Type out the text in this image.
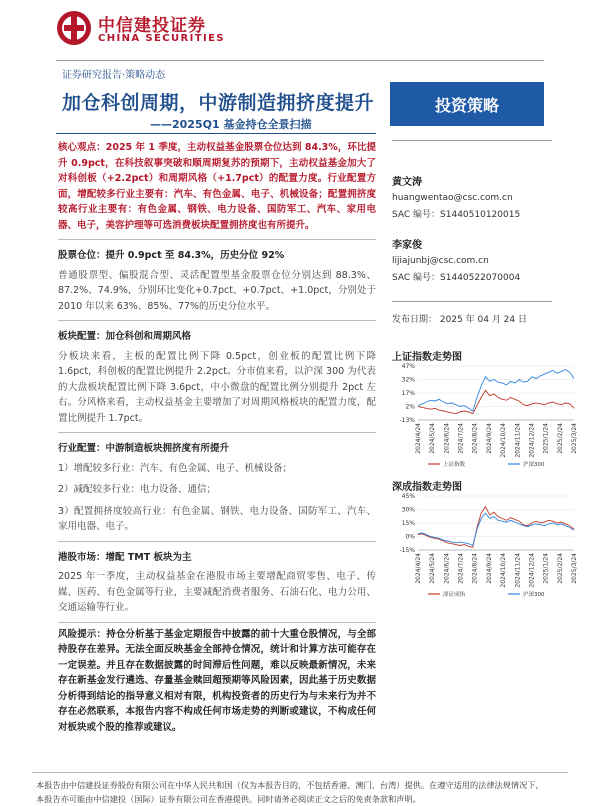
中信建投证券
CHINA SECURITIES
证券研究报告·策略动态
加仓科创周期，中游制造拥挤度提升
——2025Q1 基金持仓全景扫描
投资策略

核心观点：2025 年 1 季度，主动权益基金股票仓位达到 84.3%，环比提升 0.9pct，在科技叙事突破和顺周期复苏的预期下，主动权益基金加大了对科创板（+2.2pct）和周期风格（+1.7pct）的配置力度。行业配置方面，增配较多行业主要有：汽车、有色金属、电子、机械设备；配置拥挤度较高行业主要有：有色金属、钢铁、电力设备、国防军工、汽车、家用电器、电子，美容护理等可选消费板块配置拥挤度也有所提升。

股票仓位：提升 0.9pct 至 84.3%，历史分位 92%

普通股票型、偏股混合型、灵活配置型基金股票仓位分别达到 88.3%、87.2%、74.9%，分别环比变化+0.7pct、+0.7pct、+1.0pct，分别处于 2010 年以来 63%、85%、77%的历史分位水平。

板块配置：加仓科创和周期风格

分板块来看，主板的配置比例下降 0.5pct，创业板的配置比例下降 1.6pct，科创板的配置比例提升 2.2pct。分市值来看，以沪深 300 为代表的大盘板块配置比例下降 3.6pct，中小微盘的配置比例分别提升 2pct 左右。分风格来看，主动权益基金主要增加了对周期风格板块的配置力度，配置比例提升 1.7pct。

行业配置：中游制造板块拥挤度有所提升

1）增配较多行业：汽车、有色金属、电子、机械设备；

2）减配较多行业：电力设备、通信；

3）配置拥挤度较高行业：有色金属、钢铁、电力设备、国防军工、汽车、家用电器、电子。

港股市场：增配 TMT 板块为主

2025 年一季度，主动权益基金在港股市场主要增配商贸零售、电子、传媒、医药、有色金属等行业，主要减配消费者服务、石油石化、电力公用、交通运输等行业。

风险提示：持仓分析基于基金定期报告中披露的前十大重仓股情况，与全部持股存在差异。无法全面反映基金全部持仓情况，统计和计算方法可能存在一定误差。并且存在数据披露的时间滞后性问题，难以反映最新情况，未来存在新基金发行遴选、存量基金赎回超预期等风险因素，因此基于历史数据分析得到结论的指导意义相对有限，机构投资者的历史行为与未来行为并不存在必然联系，本报告内容不构成任何市场走势的判断或建议，不构成任何对板块或个股的推荐或建议。

黄文涛
huangwentao@csc.com.cn
SAC 编号：S1440510120015
李家俊
lijiajunbj@csc.com.cn
SAC 编号：S1440522070004
发布日期： 2025 年 04 月 24 日
上证指数走势图
47%
32%
17%
2%
-13%
2024/4/24 2024/5/24 2024/6/24 2024/7/24 2024/8/24 2024/9/24 2024/10/24 2024/11/24 2024/12/24 2025/1/24 2025/2/24 2025/3/24
上证指数	沪深300
深成指数走势图
45%
30%
15%
0%
-15%
2024/4/24 2024/5/24 2024/6/24 2024/7/24 2024/8/24 2024/9/24 2024/10/24 2024/11/24 2024/12/24 2025/1/24 2025/2/24 2025/3/24
深证成指	沪深300
本报告由中信建投证券股份有限公司在中华人民共和国（仅为本报告目的，不包括香港、澳门、台湾）提供。在遵守适用的法律法规情况下，
本报告亦可能由中信建投（国际）证券有限公司在香港提供。同时请务必阅读正文之后的免责条款和声明。
